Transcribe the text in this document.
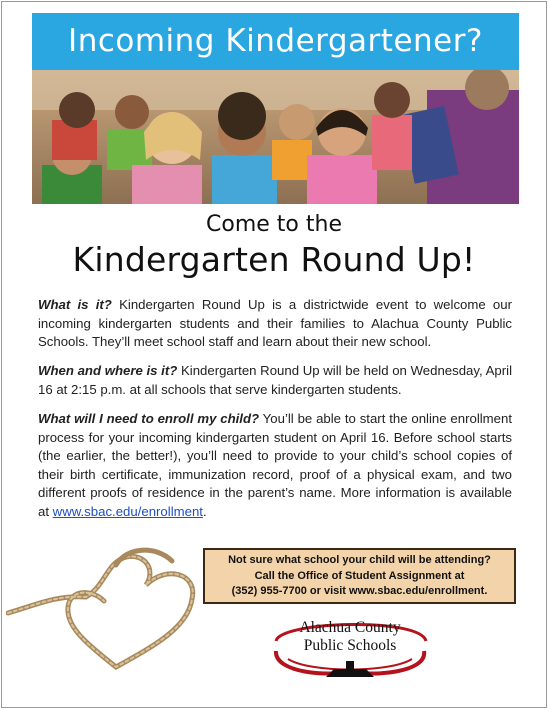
Incoming Kindergartener?
Come to the
Kindergarten Round Up!
What is it? Kindergarten Round Up is a districtwide event to welcome our incoming kindergarten students and their families to Alachua County Public Schools. They’ll meet school staff and learn about their new school.
When and where is it? Kindergarten Round Up will be held on Wednesday, April 16 at 2:15 p.m. at all schools that serve kindergarten students.
What will I need to enroll my child? You’ll be able to start the online enrollment process for your incoming kindergarten student on April 16. Before school starts (the earlier, the better!), you’ll need to provide to your child’s school copies of their birth certificate, immunization record, proof of a physical exam, and two different proofs of residence in the parent’s name. More information is available at www.sbac.edu/enrollment.
Not sure what school your child will be attending?
Call the Office of Student Assignment at
(352) 955-7700 or visit www.sbac.edu/enrollment.
Alachua County
Public Schools
